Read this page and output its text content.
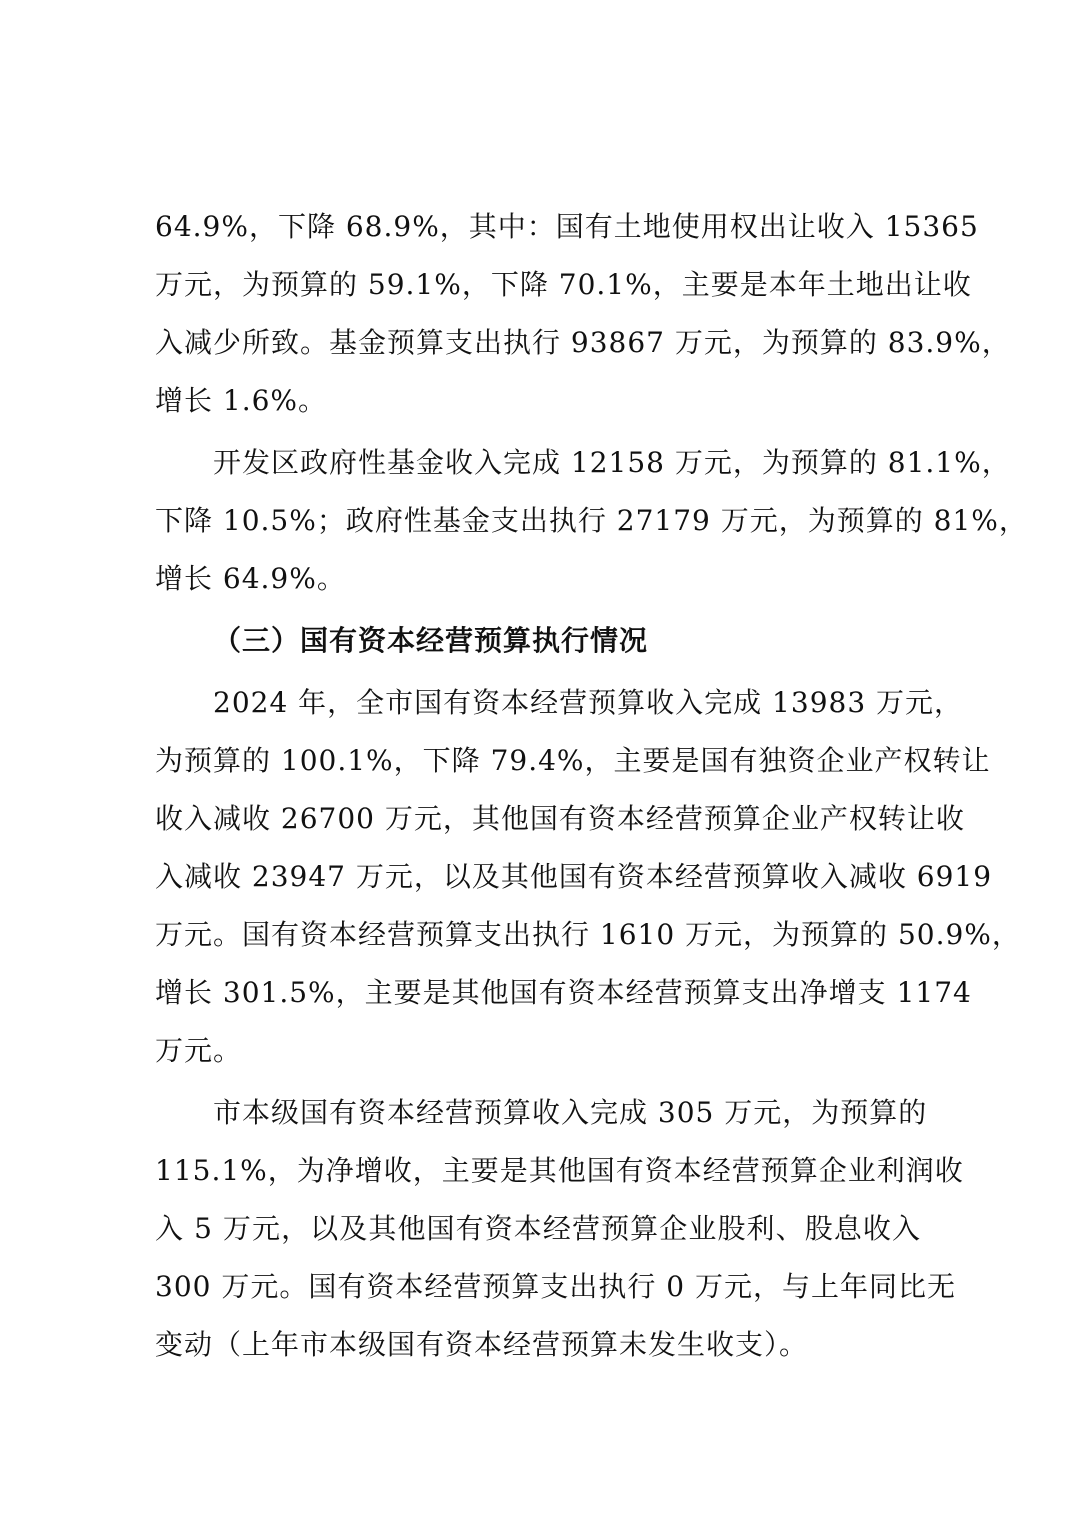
64.9%，下降 68.9%，其中：国有土地使用权出让收入 15365
万元，为预算的 59.1%，下降 70.1%，主要是本年土地出让收
入减少所致。基金预算支出执行 93867 万元，为预算的 83.9%，
增长 1.6%。
开发区政府性基金收入完成 12158 万元，为预算的 81.1%，
下降 10.5%；政府性基金支出执行 27179 万元，为预算的 81%，
增长 64.9%。
（三）国有资本经营预算执行情况
2024 年，全市国有资本经营预算收入完成 13983 万元，
为预算的 100.1%，下降 79.4%，主要是国有独资企业产权转让
收入减收 26700 万元，其他国有资本经营预算企业产权转让收
入减收 23947 万元，以及其他国有资本经营预算收入减收 6919
万元。国有资本经营预算支出执行 1610 万元，为预算的 50.9%，
增长 301.5%，主要是其他国有资本经营预算支出净增支 1174
万元。
市本级国有资本经营预算收入完成 305 万元，为预算的
115.1%，为净增收，主要是其他国有资本经营预算企业利润收
入 5 万元，以及其他国有资本经营预算企业股利、股息收入
300 万元。国有资本经营预算支出执行 0 万元，与上年同比无
变动（上年市本级国有资本经营预算未发生收支）。
